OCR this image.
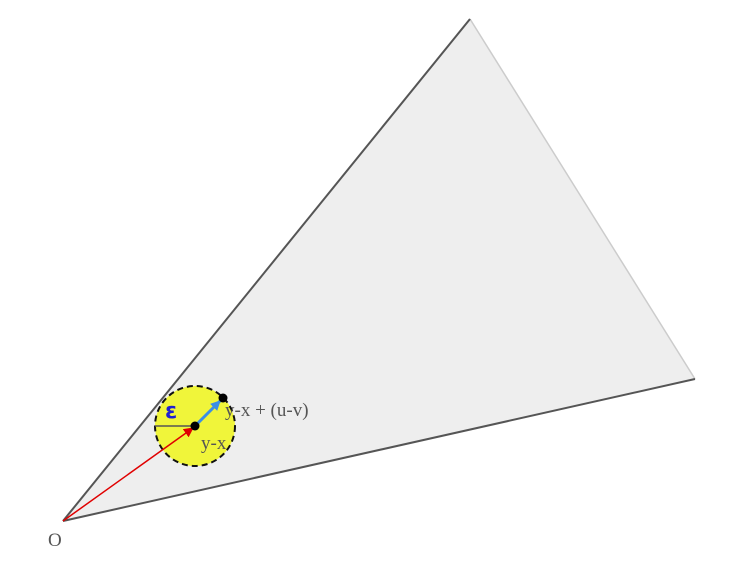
ε	y-x + (u-v)
y-x
O
